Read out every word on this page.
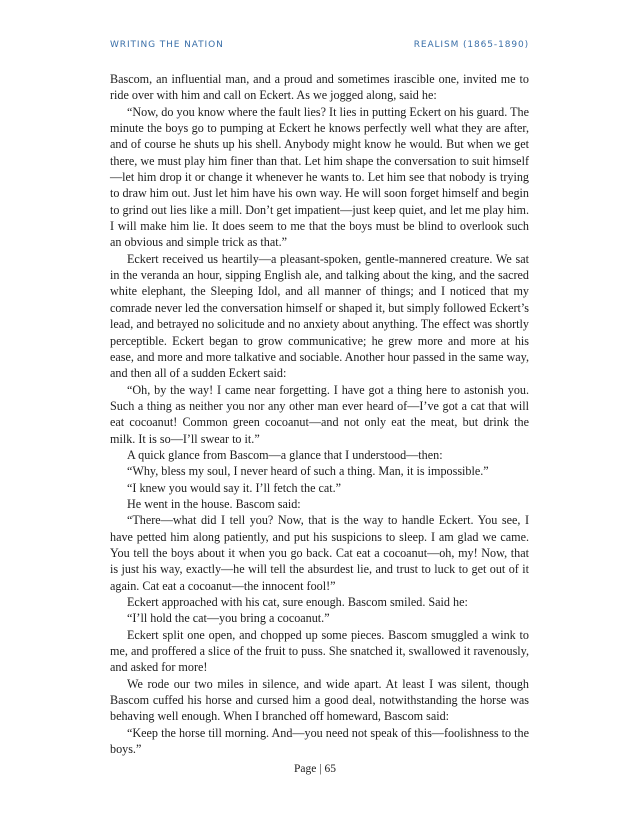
WRITING THE NATION	REALISM (1865-1890)

Bascom, an influential man, and a proud and sometimes irascible one, invited me to ride over with him and call on Eckert. As we jogged along, said he:

“Now, do you know where the fault lies? It lies in putting Eckert on his guard. The minute the boys go to pumping at Eckert he knows perfectly well what they are after, and of course he shuts up his shell. Anybody might know he would. But when we get there, we must play him finer than that. Let him shape the conversation to suit himself—let him drop it or change it whenever he wants to. Let him see that nobody is trying to draw him out. Just let him have his own way. He will soon forget himself and begin to grind out lies like a mill. Don’t get impatient—just keep quiet, and let me play him. I will make him lie. It does seem to me that the boys must be blind to overlook such an obvious and simple trick as that.”

Eckert received us heartily—a pleasant-spoken, gentle-mannered creature. We sat in the veranda an hour, sipping English ale, and talking about the king, and the sacred white elephant, the Sleeping Idol, and all manner of things; and I noticed that my comrade never led the conversation himself or shaped it, but simply followed Eckert’s lead, and betrayed no solicitude and no anxiety about anything. The effect was shortly perceptible. Eckert began to grow communicative; he grew more and more at his ease, and more and more talkative and sociable. Another hour passed in the same way, and then all of a sudden Eckert said:

“Oh, by the way! I came near forgetting. I have got a thing here to astonish you. Such a thing as neither you nor any other man ever heard of—I’ve got a cat that will eat cocoanut! Common green cocoanut—and not only eat the meat, but drink the milk. It is so—I’ll swear to it.”

A quick glance from Bascom—a glance that I understood—then:

“Why, bless my soul, I never heard of such a thing. Man, it is impossible.”

“I knew you would say it. I’ll fetch the cat.”

He went in the house. Bascom said:

“There—what did I tell you? Now, that is the way to handle Eckert. You see, I have petted him along patiently, and put his suspicions to sleep. I am glad we came. You tell the boys about it when you go back. Cat eat a cocoanut—oh, my! Now, that is just his way, exactly—he will tell the absurdest lie, and trust to luck to get out of it again. Cat eat a cocoanut—the innocent fool!”

Eckert approached with his cat, sure enough. Bascom smiled. Said he:

“I’ll hold the cat—you bring a cocoanut.”

Eckert split one open, and chopped up some pieces. Bascom smuggled a wink to me, and proffered a slice of the fruit to puss. She snatched it, swallowed it ravenously, and asked for more!

We rode our two miles in silence, and wide apart. At least I was silent, though Bascom cuffed his horse and cursed him a good deal, notwithstanding the horse was behaving well enough. When I branched off homeward, Bascom said:

“Keep the horse till morning. And—you need not speak of this—foolishness to the boys.”

Page | 65
